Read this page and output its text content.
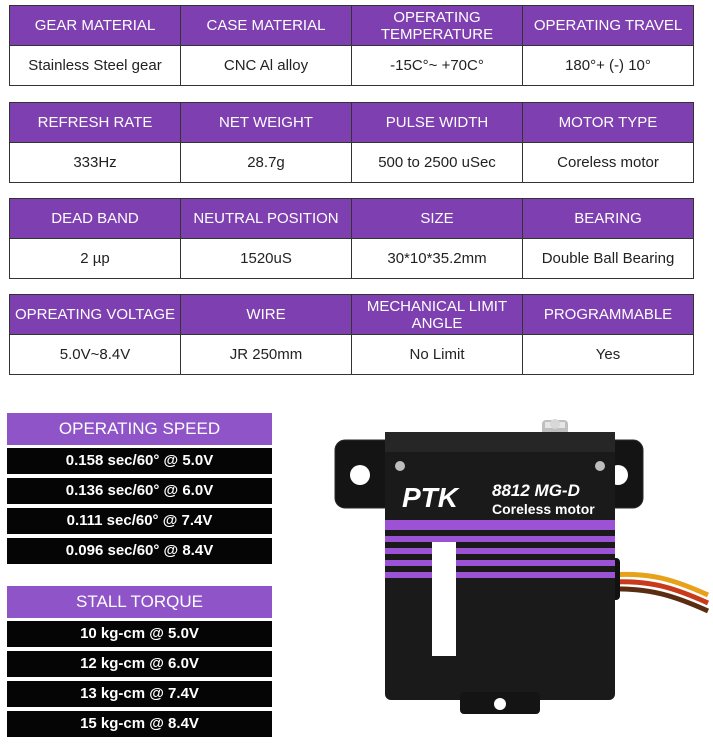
GEAR MATERIAL	CASE MATERIAL	OPERATING TEMPERATURE	OPERATING TRAVEL
Stainless Steel gear	CNC Al alloy	-15C°~ +70C°	180°+ (-) 10°
REFRESH RATE	NET WEIGHT	PULSE WIDTH	MOTOR TYPE
333Hz	28.7g	500 to 2500 uSec	Coreless motor
DEAD BAND	NEUTRAL POSITION	SIZE	BEARING
2 µp	1520uS	30*10*35.2mm	Double Ball Bearing
OPREATING VOLTAGE	WIRE	MECHANICAL LIMIT ANGLE	PROGRAMMABLE
5.0V~8.4V	JR 250mm	No Limit	Yes
OPERATING SPEED
0.158 sec/60° @ 5.0V
0.136 sec/60° @ 6.0V
0.111 sec/60° @ 7.4V
0.096 sec/60° @ 8.4V
STALL TORQUE
10 kg-cm @ 5.0V
12 kg-cm @ 6.0V
13 kg-cm @ 7.4V
15 kg-cm @ 8.4V
PTK 8812 MG-D
Coreless motor
